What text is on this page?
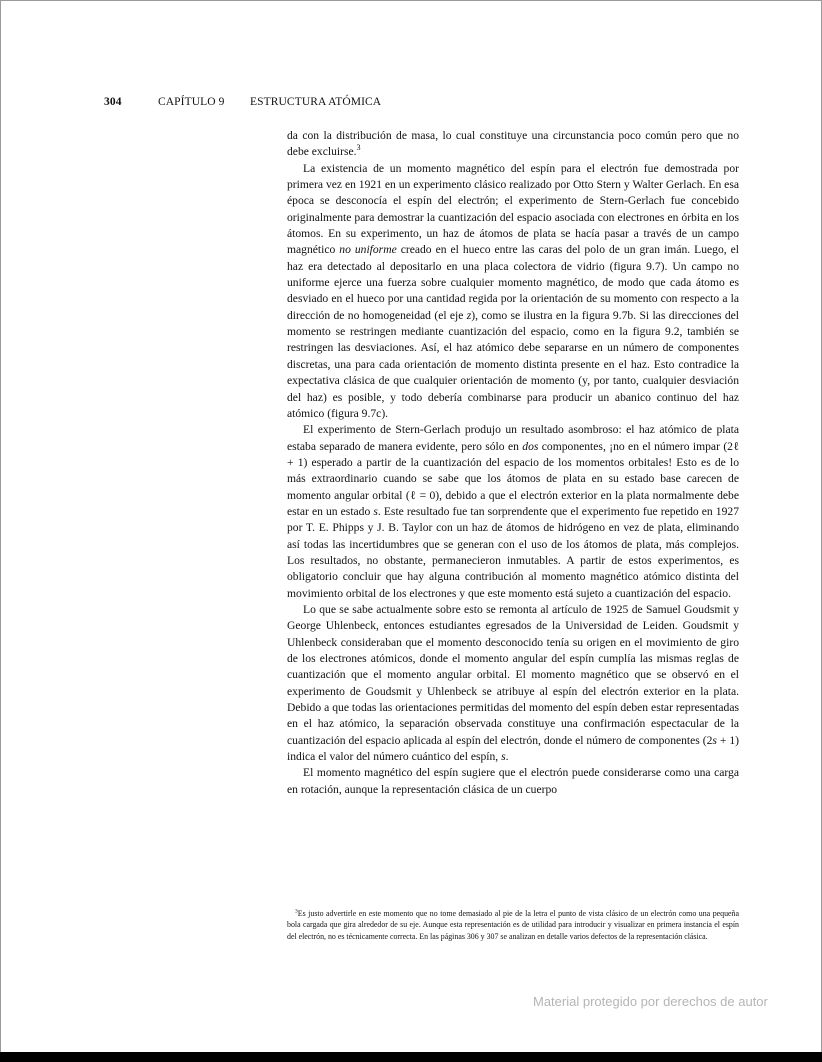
304	CAPÍTULO 9 ESTRUCTURA ATÓMICA

da con la distribución de masa, lo cual constituye una circunstancia poco común pero que no debe excluirse.$^3$

La existencia de un momento magnético del espín para el electrón fue demostrada por primera vez en 1921 en un experimento clásico realizado por Otto Stern y Walter Gerlach. En esa época se desconocía el espín del electrón; el experimento de Stern-Gerlach fue concebido originalmente para demostrar la cuantización del espacio asociada con electrones en órbita en los átomos. En su experimento, un haz de átomos de plata se hacía pasar a través de un campo magnético no uniforme creado en el hueco entre las caras del polo de un gran imán. Luego, el haz era detectado al depositarlo en una placa colectora de vidrio (figura 9.7). Un campo no uniforme ejerce una fuerza sobre cualquier momento magnético, de modo que cada átomo es desviado en el hueco por una cantidad regida por la orientación de su momento con respecto a la dirección de no homogeneidad (el eje z), como se ilustra en la figura 9.7b. Si las direcciones del momento se restringen mediante cuantización del espacio, como en la figura 9.2, también se restringen las desviaciones. Así, el haz atómico debe separarse en un número de componentes discretas, una para cada orientación de momento distinta presente en el haz. Esto contradice la expectativa clásica de que cualquier orientación de momento (y, por tanto, cualquier desviación del haz) es posible, y todo debería combinarse para producir un abanico continuo del haz atómico (figura 9.7c).

El experimento de Stern-Gerlach produjo un resultado asombroso: el haz atómico de plata estaba separado de manera evidente, pero sólo en dos componentes, ¡no en el número impar (2ℓ + 1) esperado a partir de la cuantización del espacio de los momentos orbitales! Esto es de lo más extraordinario cuando se sabe que los átomos de plata en su estado base carecen de momento angular orbital (ℓ = 0), debido a que el electrón exterior en la plata normalmente debe estar en un estado s. Este resultado fue tan sorprendente que el experimento fue repetido en 1927 por T. E. Phipps y J. B. Taylor con un haz de átomos de hidrógeno en vez de plata, eliminando así todas las incertidumbres que se generan con el uso de los átomos de plata, más complejos. Los resultados, no obstante, permanecieron inmutables. A partir de estos experimentos, es obligatorio concluir que hay alguna contribución al momento magnético atómico distinta del movimiento orbital de los electrones y que este momento está sujeto a cuantización del espacio.

Lo que se sabe actualmente sobre esto se remonta al artículo de 1925 de Samuel Goudsmit y George Uhlenbeck, entonces estudiantes egresados de la Universidad de Leiden. Goudsmit y Uhlenbeck consideraban que el momento desconocido tenía su origen en el movimiento de giro de los electrones atómicos, donde el momento angular del espín cumplía las mismas reglas de cuantización que el momento angular orbital. El momento magnético que se observó en el experimento de Goudsmit y Uhlenbeck se atribuye al espín del electrón exterior en la plata. Debido a que todas las orientaciones permitidas del momento del espín deben estar representadas en el haz atómico, la separación observada constituye una confirmación espectacular de la cuantización del espacio aplicada al espín del electrón, donde el número de componentes (2s + 1) indica el valor del número cuántico del espín, s.

El momento magnético del espín sugiere que el electrón puede considerarse como una carga en rotación, aunque la representación clásica de un cuerpo

$^3$Es justo advertirle en este momento que no tome demasiado al pie de la letra el punto de vista clásico de un electrón como una pequeña bola cargada que gira alrededor de su eje. Aunque esta representación es de utilidad para introducir y visualizar en primera instancia el espín del electrón, no es técnicamente correcta. En las páginas 306 y 307 se analizan en detalle varios defectos de la representación clásica.

Material protegido por derechos de autor
